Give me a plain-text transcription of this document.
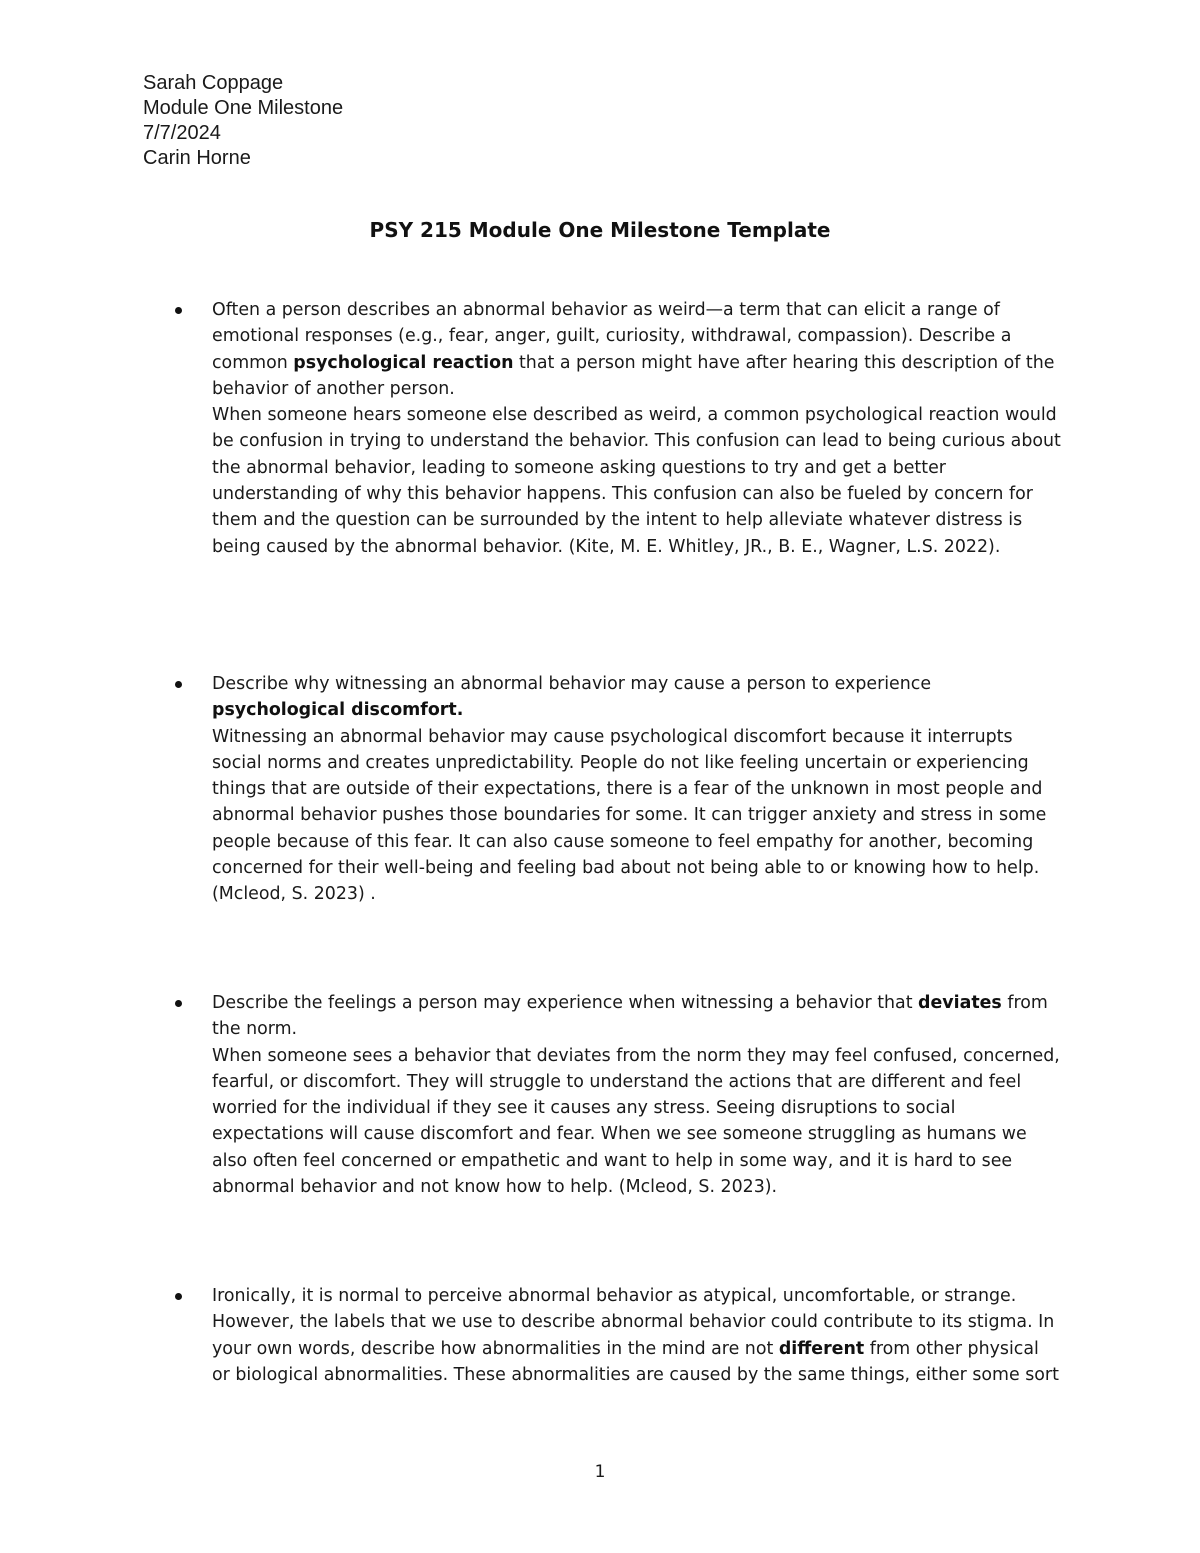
Sarah Coppage
Module One Milestone
7/7/2024
Carin Horne
PSY 215 Module One Milestone Template

Often a person describes an abnormal behavior as weird—a term that can elicit a range of emotional responses (e.g., fear, anger, guilt, curiosity, withdrawal, compassion). Describe a common psychological reaction that a person might have after hearing this description of the behavior of another person.

When someone hears someone else described as weird, a common psychological reaction would be confusion in trying to understand the behavior. This confusion can lead to being curious about the abnormal behavior, leading to someone asking questions to try and get a better understanding of why this behavior happens. This confusion can also be fueled by concern for them and the question can be surrounded by the intent to help alleviate whatever distress is being caused by the abnormal behavior. (Kite, M. E. Whitley, JR., B. E., Wagner, L.S. 2022).

Describe why witnessing an abnormal behavior may cause a person to experience psychological discomfort.

Witnessing an abnormal behavior may cause psychological discomfort because it interrupts social norms and creates unpredictability. People do not like feeling uncertain or experiencing things that are outside of their expectations, there is a fear of the unknown in most people and abnormal behavior pushes those boundaries for some. It can trigger anxiety and stress in some people because of this fear. It can also cause someone to feel empathy for another, becoming concerned for their well-being and feeling bad about not being able to or knowing how to help. (Mcleod, S. 2023) .

Describe the feelings a person may experience when witnessing a behavior that deviates from the norm.

When someone sees a behavior that deviates from the norm they may feel confused, concerned, fearful, or discomfort. They will struggle to understand the actions that are different and feel worried for the individual if they see it causes any stress. Seeing disruptions to social expectations will cause discomfort and fear. When we see someone struggling as humans we also often feel concerned or empathetic and want to help in some way, and it is hard to see abnormal behavior and not know how to help. (Mcleod, S. 2023).

Ironically, it is normal to perceive abnormal behavior as atypical, uncomfortable, or strange. However, the labels that we use to describe abnormal behavior could contribute to its stigma. In your own words, describe how abnormalities in the mind are not different from other physical or biological abnormalities. These abnormalities are caused by the same things, either some sort

1
